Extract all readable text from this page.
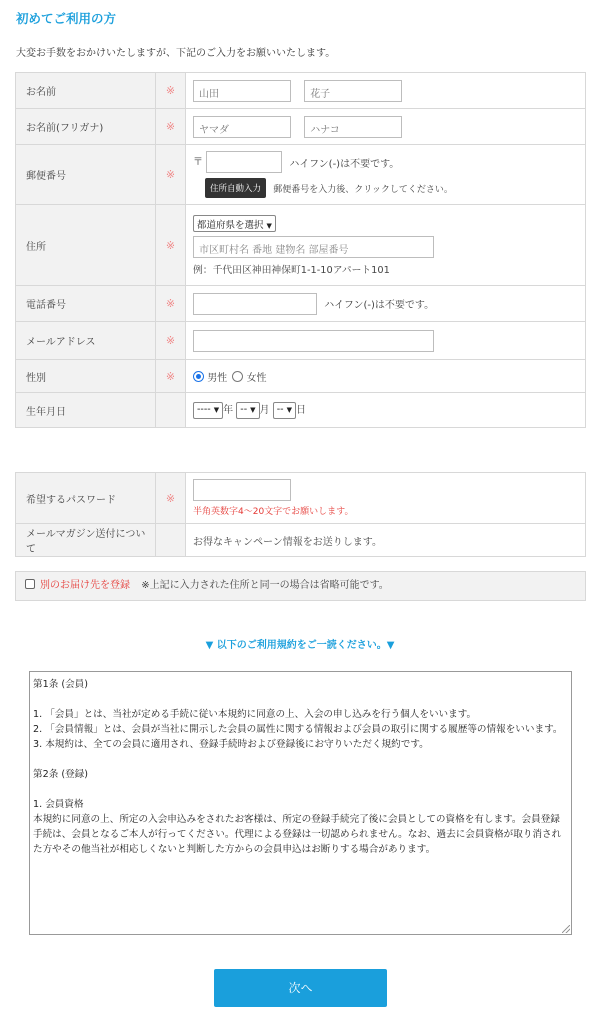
初めてご利用の方
大変お手数をおかけいたしますが、下記のご入力をお願いいたします。
お名前	※	山田 花子
お名前(フリガナ)	※	ヤマダ ハナコ
郵便番号	※	〒 ハイフン(-)は不要です。
住所自動入力 郵便番号を入力後、クリックしてください。

住所	※	都道府県を選択 ▼
市区町村名 番地 建物名 部屋番号
例：千代田区神田神保町1-1-10アパート101

電話番号	※	ハイフン(-)は不要です。
メールアドレス	※	
性別	※	男性 女性
生年月日		---- ▼ 年 -- ▼ 月 -- ▼ 日
希望するパスワード	※	半角英数字4～20文字でお願いします。

メールマガジン送付について		お得なキャンペーン情報をお送りします。
別のお届け先を登録 ※上記に入力された住所と同一の場合は省略可能です。
▼ 以下のご利用規約をご一読ください。▼

第1条 (会員)

1. 「会員」とは、当社が定める手続に従い本規約に同意の上、入会の申し込みを行う個人をいいます。

2. 「会員情報」とは、会員が当社に開示した会員の属性に関する情報および会員の取引に関する履歴等の情報をいいます。

3. 本規約は、全ての会員に適用され、登録手続時および登録後にお守りいただく規約です。

第2条 (登録)

1. 会員資格

本規約に同意の上、所定の入会申込みをされたお客様は、所定の登録手続完了後に会員としての資格を有します。会員登録手続は、会員となるご本人が行ってください。代理による登録は一切認められません。なお、過去に会員資格が取り消された方やその他当社が相応しくないと判断した方からの会員申込はお断りする場合があります。

次へ
